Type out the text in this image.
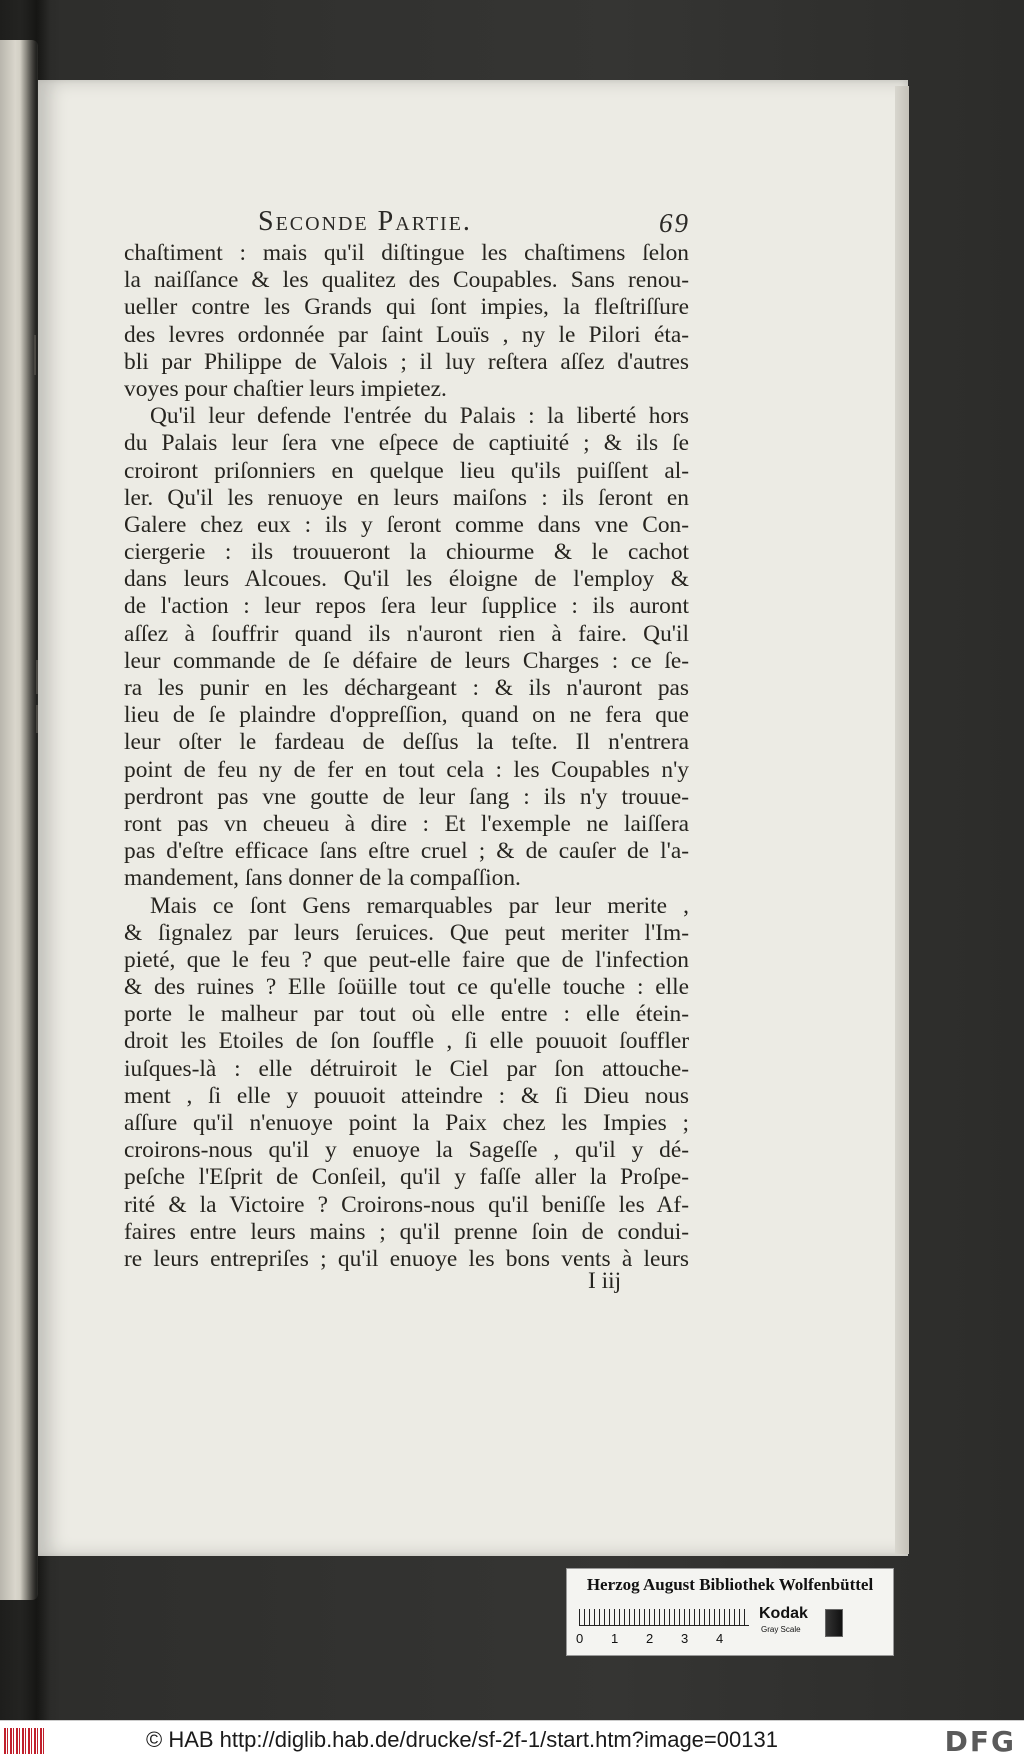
Seconde Partie.	69
chaſtiment : mais qu'il diſtingue les chaſtimens ſelon
la naiſſance & les qualitez des Coupables. Sans renou-
ueller contre les Grands qui ſont impies, la fleſtriſſure
des levres ordonnée par ſaint Louïs , ny le Pilori éta-
bli par Philippe de Valois ; il luy reſtera aſſez d'autres
voyes pour chaſtier leurs impietez.
Qu'il leur defende l'entrée du Palais : la liberté hors
du Palais leur ſera vne eſpece de captiuité ; & ils ſe
croiront priſonniers en quelque lieu qu'ils puiſſent al-
ler. Qu'il les renuoye en leurs maiſons : ils ſeront en
Galere chez eux : ils y ſeront comme dans vne Con-
ciergerie : ils trouueront la chiourme & le cachot
dans leurs Alcoues. Qu'il les éloigne de l'employ &
de l'action : leur repos ſera leur ſupplice : ils auront
aſſez à ſouffrir quand ils n'auront rien à faire. Qu'il
leur commande de ſe défaire de leurs Charges : ce ſe-
ra les punir en les déchargeant : & ils n'auront pas
lieu de ſe plaindre d'oppreſſion, quand on ne fera que
leur oſter le fardeau de deſſus la teſte. Il n'entrera
point de feu ny de fer en tout cela : les Coupables n'y
perdront pas vne goutte de leur ſang : ils n'y trouue-
ront pas vn cheueu à dire : Et l'exemple ne laiſſera
pas d'eſtre efficace ſans eſtre cruel ; & de cauſer de l'a-
mandement, ſans donner de la compaſſion.
Mais ce ſont Gens remarquables par leur merite ,
& ſignalez par leurs ſeruices. Que peut meriter l'Im-
pieté, que le feu ? que peut-elle faire que de l'infection
& des ruines ? Elle ſoüille tout ce qu'elle touche : elle
porte le malheur par tout où elle entre : elle étein-
droit les Etoiles de ſon ſouffle , ſi elle pouuoit ſouffler
iuſques-là : elle détruiroit le Ciel par ſon attouche-
ment , ſi elle y pouuoit atteindre : & ſi Dieu nous
aſſure qu'il n'enuoye point la Paix chez les Impies ;
croirons-nous qu'il y enuoye la Sageſſe , qu'il y dé-
peſche l'Eſprit de Conſeil, qu'il y faſſe aller la Proſpe-
rité & la Victoire ? Croirons-nous qu'il beniſſe les Af-
faires entre leurs mains ; qu'il prenne ſoin de condui-
re leurs entrepriſes ; qu'il enuoye les bons vents à leurs
I iij
Herzog August Bibliothek Wolfenbüttel
0 1 2 3 4
Kodak
Gray Scale
© HAB http://diglib.hab.de/drucke/sf-2f-1/start.htm?image=00131	DFG
